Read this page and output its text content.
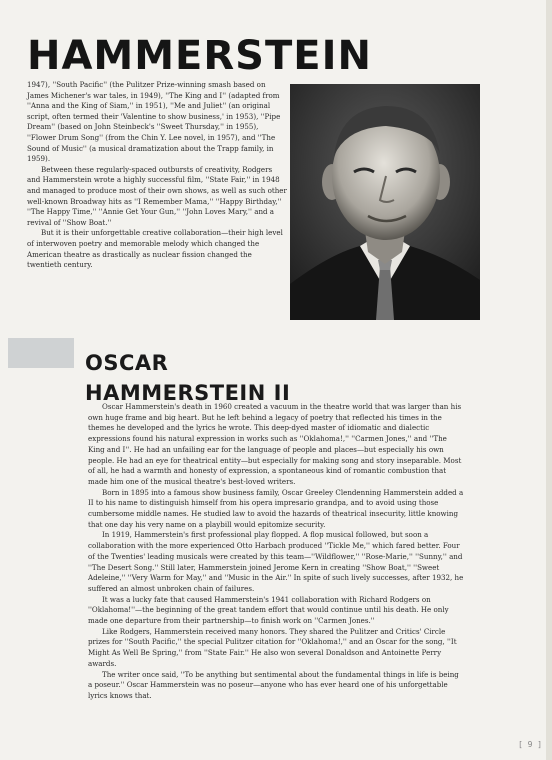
HAMMERSTEIN

1947), ''South Pacific'' (the Pulitzer Prize-winning smash based on James Michener's war tales, in 1949), ''The King and I'' (adapted from ''Anna and the King of Siam,'' in 1951), ''Me and Juliet'' (an original script, often termed their 'Valentine to show business,' in 1953), ''Pipe Dream'' (based on John Steinbeck's ''Sweet Thursday,'' in 1955), ''Flower Drum Song'' (from the Chin Y. Lee novel, in 1957), and ''The Sound of Music'' (a musical dramatization about the Trapp family, in 1959).

Between these regularly-spaced outbursts of creativity, Rodgers and Hammerstein wrote a highly successful film, ''State Fair,'' in 1948 and managed to produce most of their own shows, as well as such other well-known Broadway hits as ''I Remember Mama,'' ''Happy Birthday,'' ''The Happy Time,'' ''Annie Get Your Gun,'' ''John Loves Mary,'' and a revival of ''Show Boat.''

But it is their unforgettable creative collaboration—their high level of interwoven poetry and memorable melody which changed the American theatre as drastically as nuclear fission changed the twentieth century.

OSCAR HAMMERSTEIN II

Oscar Hammerstein's death in 1960 created a vacuum in the theatre world that was larger than his own huge frame and big heart. But he left behind a legacy of poetry that reflected his times in the themes he developed and the lyrics he wrote. This deep-dyed master of idiomatic and dialectic expressions found his natural expression in works such as ''Oklahoma!,'' ''Carmen Jones,'' and ''The King and I''. He had an unfailing ear for the language of people and places—but especially his own people. He had an eye for theatrical entity—but especially for making song and story inseparable. Most of all, he had a warmth and honesty of expression, a spontaneous kind of romantic combustion that made him one of the musical theatre's best-loved writers.

Born in 1895 into a famous show business family, Oscar Greeley Clendenning Hammerstein added a II to his name to distinguish himself from his opera impresario grandpa, and to avoid using those cumbersome middle names. He studied law to avoid the hazards of theatrical insecurity, little knowing that one day his very name on a playbill would epitomize security.

In 1919, Hammerstein's first professional play flopped. A flop musical followed, but soon a collaboration with the more experienced Otto Harbach produced ''Tickle Me,'' which fared better. Four of the Twenties' leading musicals were created by this team—''Wildflower,'' ''Rose-Marie,'' ''Sunny,'' and ''The Desert Song.'' Still later, Hammerstein joined Jerome Kern in creating ''Show Boat,'' ''Sweet Adeleine,'' ''Very Warm for May,'' and ''Music in the Air.'' In spite of such lively successes, after 1932, he suffered an almost unbroken chain of failures.

It was a lucky fate that caused Hammerstein's 1941 collaboration with Richard Rodgers on ''Oklahoma!''—the beginning of the great tandem effort that would continue until his death. He only made one departure from their partnership—to finish work on ''Carmen Jones.''

Like Rodgers, Hammerstein received many honors. They shared the Pulitzer and Critics' Circle prizes for ''South Pacific,'' the special Pulitzer citation for ''Oklahoma!,'' and an Oscar for the song, ''It Might As Well Be Spring,'' from ''State Fair.'' He also won several Donaldson and Antoinette Perry awards.

The writer once said, ''To be anything but sentimental about the fundamental things in life is being a poseur.'' Oscar Hammerstein was no poseur—anyone who has ever heard one of his unforgettable lyrics knows that.

[ 9 ]
